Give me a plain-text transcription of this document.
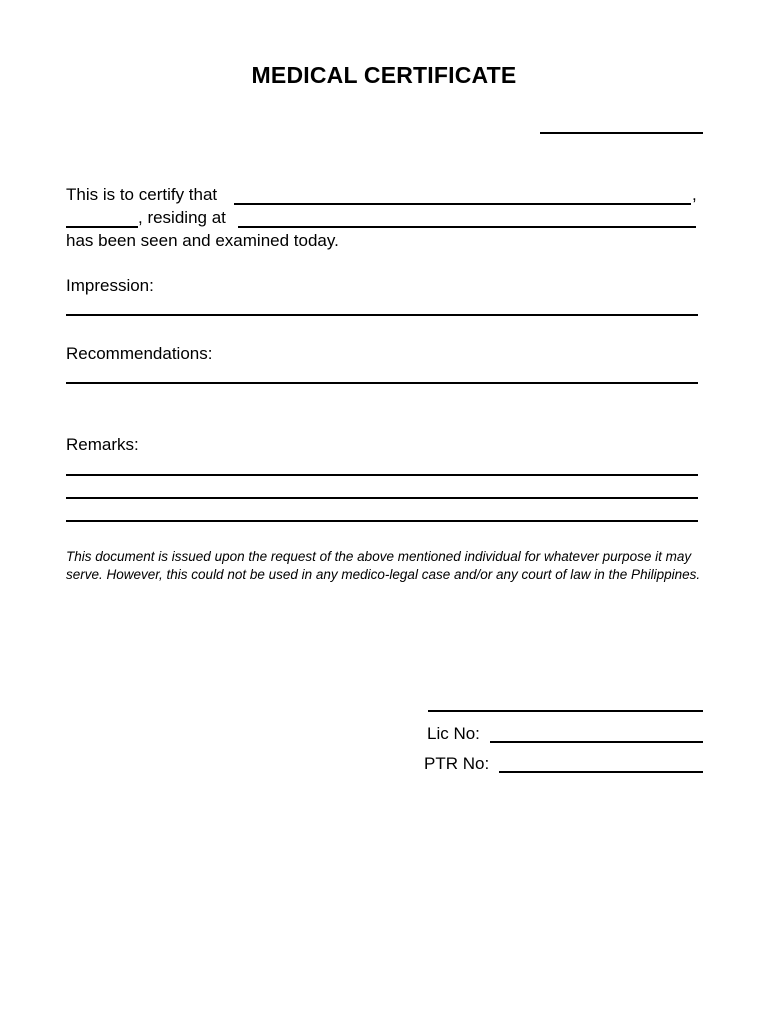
MEDICAL CERTIFICATE
This is to certify that	,
, residing at
has been seen and examined today.
Impression:
Recommendations:
Remarks:
This document is issued upon the request of the above mentioned individual for whatever purpose it may serve. However, this could not be used in any medico-legal case and/or any court of law in the Philippines.
Lic No:
PTR No:
